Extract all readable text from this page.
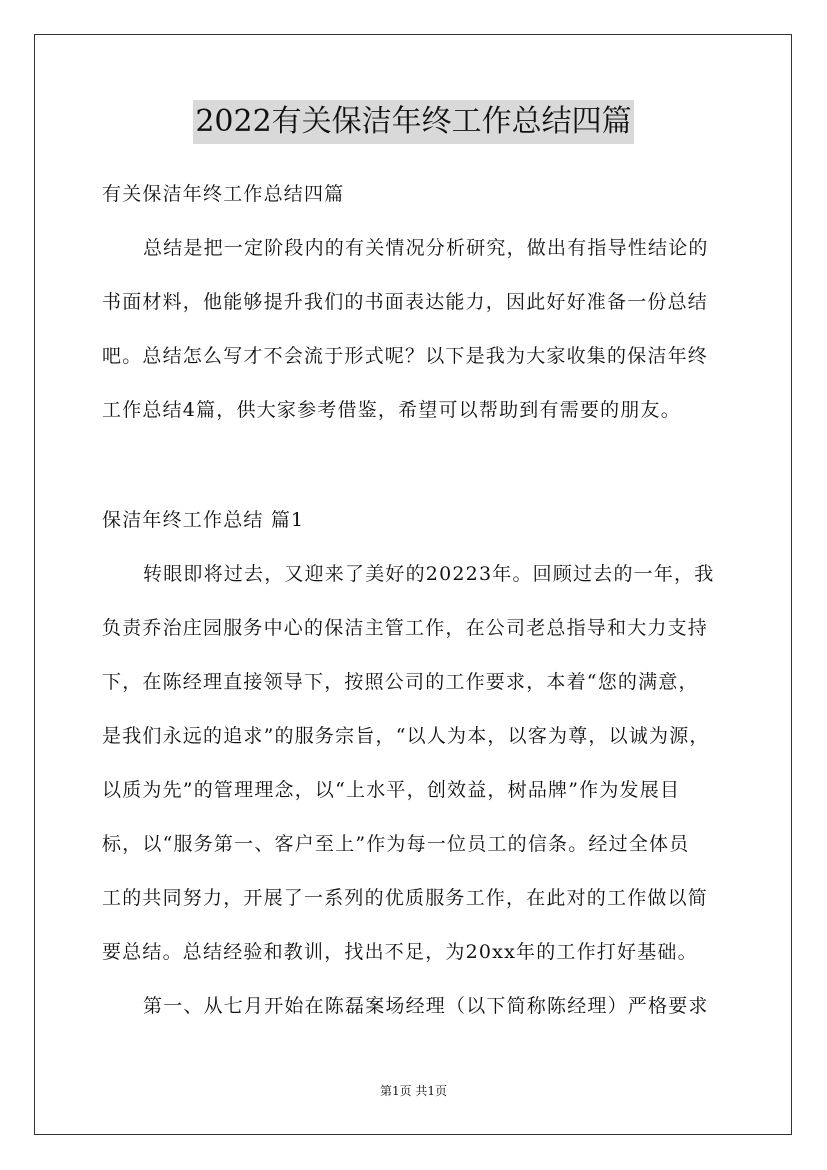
2022有关保洁年终工作总结四篇
有关保洁年终工作总结四篇
总结是把一定阶段内的有关情况分析研究，做出有指导性结论的
书面材料，他能够提升我们的书面表达能力，因此好好准备一份总结
吧。总结怎么写才不会流于形式呢？以下是我为大家收集的保洁年终
工作总结4篇，供大家参考借鉴，希望可以帮助到有需要的朋友。
保洁年终工作总结 篇1
转眼即将过去，又迎来了美好的20223年。回顾过去的一年，我
负责乔治庄园服务中心的保洁主管工作，在公司老总指导和大力支持
下，在陈经理直接领导下，按照公司的工作要求，本着“您的满意，
是我们永远的追求”的服务宗旨，“以人为本，以客为尊，以诚为源，
以质为先”的管理理念，以“上水平，创效益，树品牌”作为发展目
标，以“服务第一、客户至上”作为每一位员工的信条。经过全体员
工的共同努力，开展了一系列的优质服务工作，在此对的工作做以简
要总结。总结经验和教训，找出不足，为20xx年的工作打好基础。
第一、从七月开始在陈磊案场经理（以下简称陈经理）严格要求
第1页 共1页
